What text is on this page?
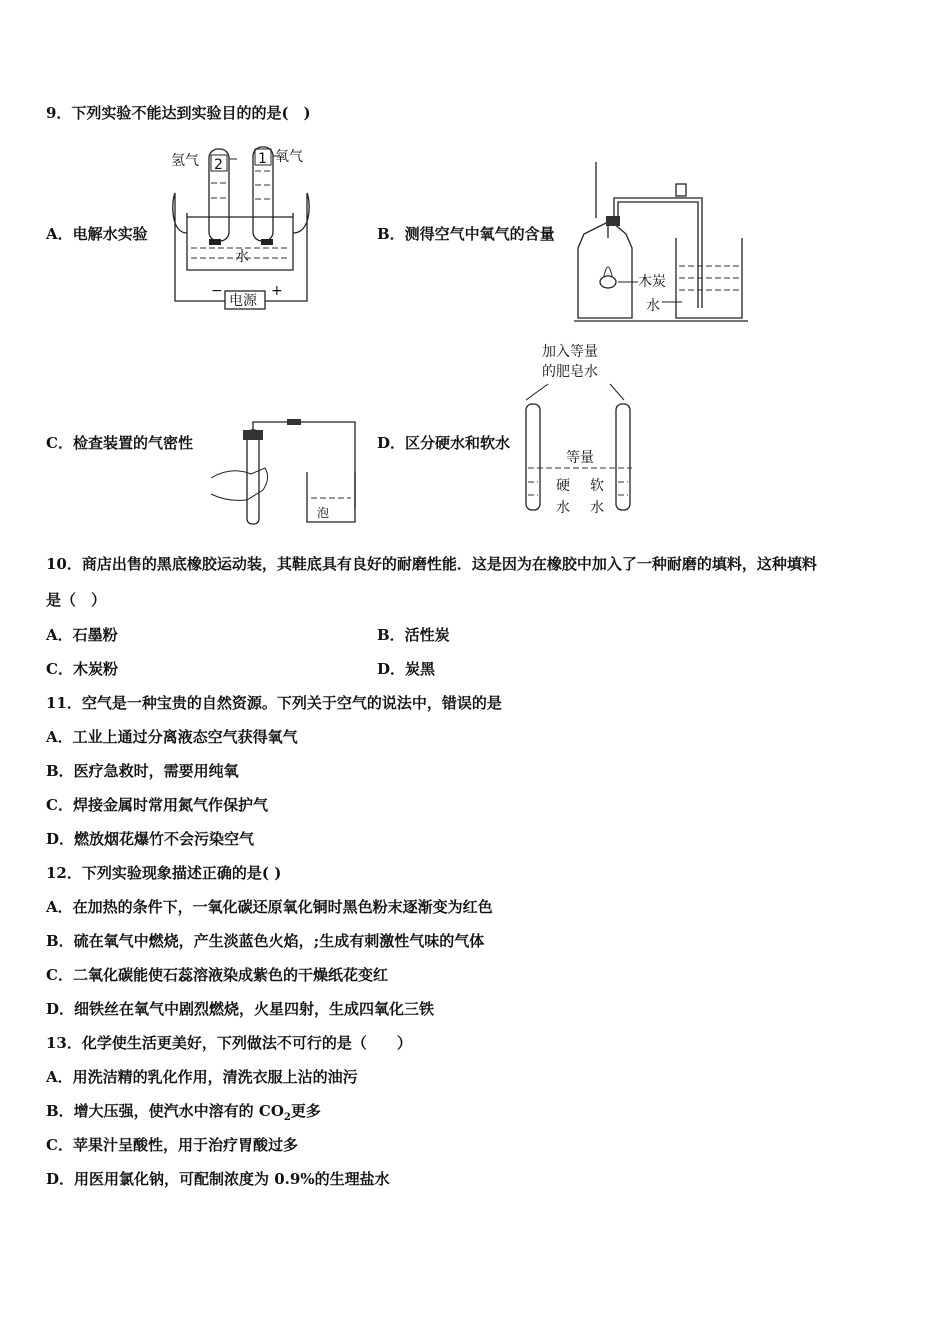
9．下列实验不能达到实验目的的是(　)
A．电解水实验	B．测得空气中氧气的含量
C．检查装置的气密性	D．区分硬水和软水
氢气	氧气
2	1
水
电源
−	+
木炭
水
泡
加入等量
的肥皂水
等量
硬
水
软
水
10．商店出售的黑底橡胶运动装，其鞋底具有良好的耐磨性能．这是因为在橡胶中加入了一种耐磨的填料，这种填料
是（　）
A．石墨粉	B．活性炭
C．木炭粉	D．炭黑
11．空气是一种宝贵的自然资源。下列关于空气的说法中，错误的是
A．工业上通过分离液态空气获得氧气
B．医疗急救时，需要用纯氧
C．焊接金属时常用氮气作保护气
D．燃放烟花爆竹不会污染空气
12．下列实验现象描述正确的是( )
A．在加热的条件下，一氧化碳还原氧化铜时黑色粉末逐渐变为红色
B．硫在氧气中燃烧，产生淡蓝色火焰，;生成有刺激性气味的气体
C．二氧化碳能使石蕊溶液染成紫色的干燥纸花变红
D．细铁丝在氧气中剧烈燃烧，火星四射，生成四氧化三铁
13．化学使生活更美好，下列做法不可行的是（　　）
A．用洗洁精的乳化作用，清洗衣服上沾的油污
B．增大压强，使汽水中溶有的 $CO_2$更多
C．苹果汁呈酸性，用于治疗胃酸过多
D．用医用氯化钠，可配制浓度为 0.9%的生理盐水
